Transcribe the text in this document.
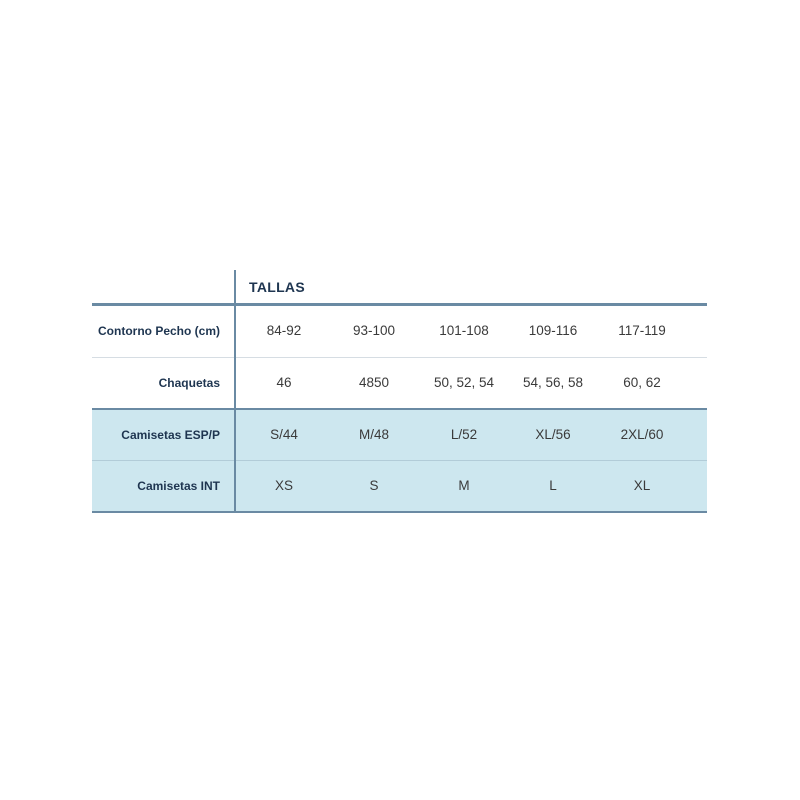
TALLAS
Contorno Pecho (cm)	84-92	93-100	101-108	109-116	117-119
Chaquetas	46	4850	50, 52, 54	54, 56, 58	60, 62
Camisetas ESP/P	S/44	M/48	L/52	XL/56	2XL/60
Camisetas INT	XS	S	M	L	XL
